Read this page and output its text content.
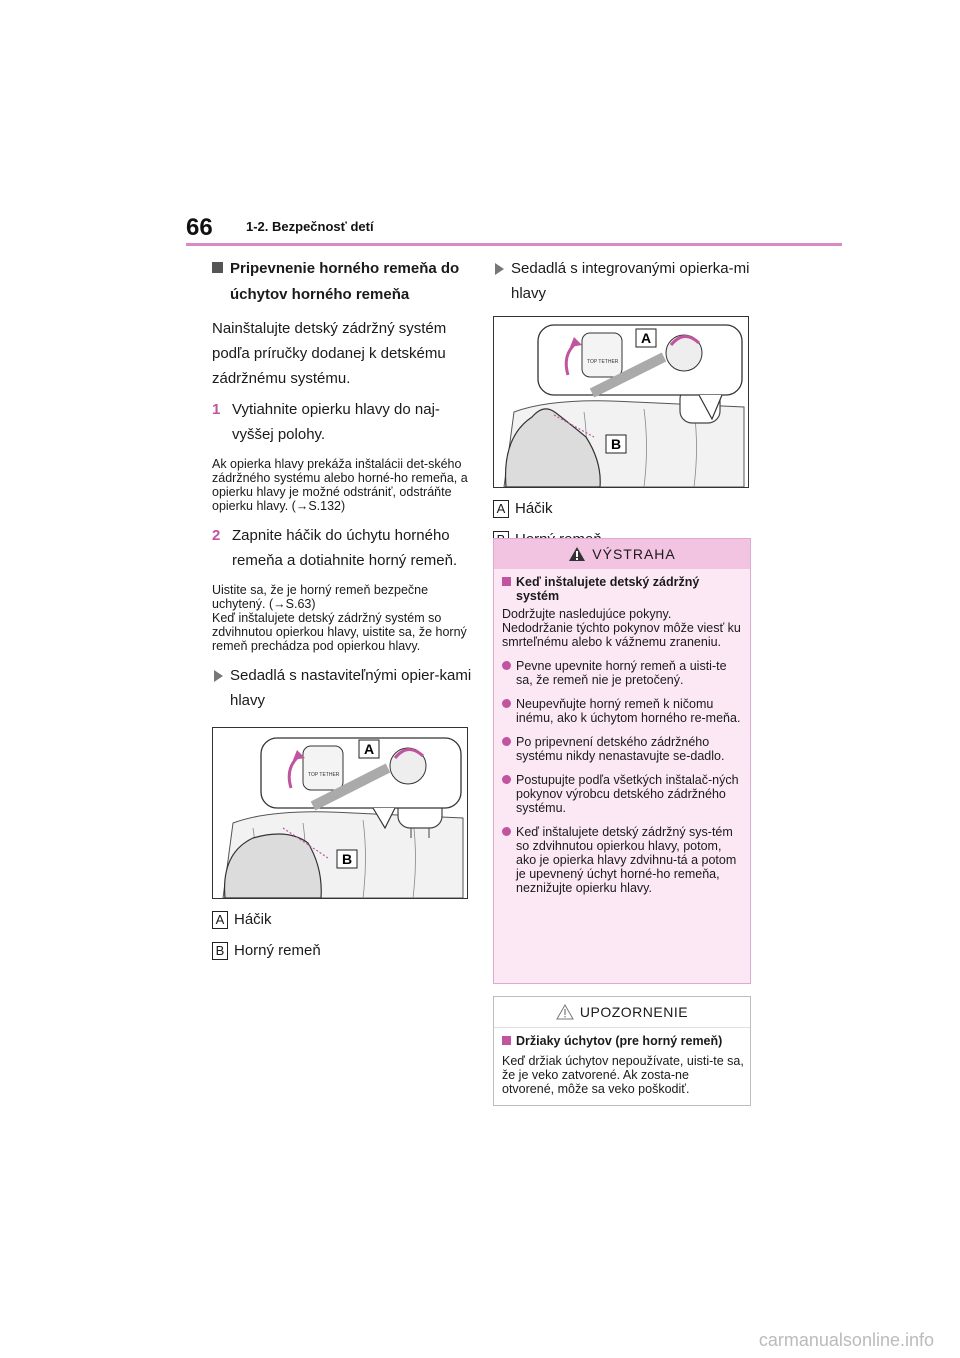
66	1-2. Bezpečnosť detí

Pripevnenie horného remeňa do úchytov horného remeňa

Nainštalujte detský zádržný systém podľa príručky dodanej k detskému zádržnému systému.

1 Vytiahnite opierku hlavy do naj-vyššej polohy.

Ak opierka hlavy prekáža inštalácii det-ského zádržného systému alebo horné-ho remeňa, a opierku hlavy je možné odstrániť, odstráňte opierku hlavy. (→S.132)

2 Zapnite háčik do úchytu horného remeňa a dotiahnite horný remeň.

Uistite sa, že je horný remeň bezpečne uchytený. (→S.63)
Keď inštalujete detský zádržný systém so zdvihnutou opierkou hlavy, uistite sa, že horný remeň prechádza pod opierkou hlavy.

Sedadlá s nastaviteľnými opier-kami hlavy
TOP TETHER
A
B
A Háčik
B Horný remeň
Sedadlá s integrovanými opierka-mi hlavy
TOP TETHER
A
B
A Háčik
VÝSTRAHA

Keď inštalujete detský zádržný systém

Dodržujte nasledujúce pokyny. Nedodržanie týchto pokynov môže viesť ku smrteľnému alebo k vážnemu zraneniu.

Pevne upevnite horný remeň a uisti-te sa, že remeň nie je pretočený.
Neupevňujte horný remeň k ničomu inému, ako k úchytom horného re-meňa.
Po pripevnení detského zádržného systému nikdy nenastavujte se-dadlo.
Postupujte podľa všetkých inštalač-ných pokynov výrobcu detského zádržného systému.
Keď inštalujete detský zádržný sys-tém so zdvihnutou opierkou hlavy, potom, ako je opierka hlavy zdvihnu-tá a potom je upevnený úchyt horné-ho remeňa, neznižujte opierku hlavy.
UPOZORNENIE

Držiaky úchytov (pre horný remeň)

Keď držiak úchytov nepoužívate, uisti-te sa, že je veko zatvorené. Ak zosta-ne otvorené, môže sa veko poškodiť.

carmanualsonline.info
